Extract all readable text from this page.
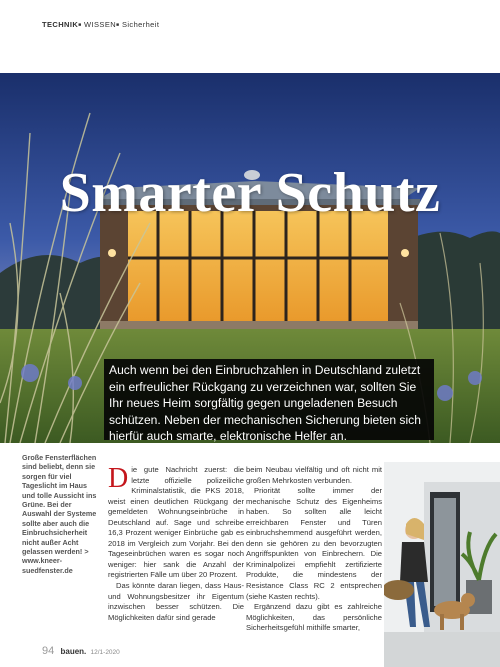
TECHNIK■ WISSEN■ Sicherheit
Smarter Schutz
Auch wenn bei den Einbruchzahlen in Deutschland zuletzt ein erfreulicher Rückgang zu verzeichnen war, sollten Sie Ihr neues Heim sorgfältig gegen ungeladenen Besuch schützen. Neben der mechanischen Sicherung bieten sich hierfür auch smarte, elektronische Helfer an.
Große Fensterflächen sind beliebt, denn sie sorgen für viel Tageslicht im Haus und tolle Aussicht ins Grüne. Bei der Auswahl der Systeme sollte aber auch die Einbruchsicherheit nicht außer Acht gelassen werden! > www.kneer-suedfenster.de
D ie gute Nachricht zuerst: die letzte offizielle polizeiliche Kriminalstatistik, die PKS 2018, weist einen deutlichen Rückgang der gemeldeten Wohnungseinbrüche in Deutschland auf. Sage und schreibe 16,3 Prozent weniger Einbrüche gab es 2018 im Vergleich zum Vorjahr. Bei den Tageseinbrüchen waren es sogar noch weniger: hier sank die Anzahl der registrierten Fälle um über 20 Prozent.

Das könnte daran liegen, dass Haus- und Wohnungsbesitzer ihr Eigentum inzwischen besser schützen. Die Möglichkeiten dafür sind gerade

beim Neubau vielfältig und oft nicht mit großen Mehrkosten verbunden.

Priorität sollte immer der mechanische Schutz des Eigenheims haben. So sollten alle leicht erreichbaren Fenster und Türen einbruchshemmend ausgeführt werden, denn sie gehören zu den bevorzugten Angriffspunkten von Einbrechern. Die Kriminalpolizei empfiehlt zertifizierte Produkte, die mindestens der Resistance Class RC 2 entsprechen (siehe Kasten rechts).

Ergänzend dazu gibt es zahlreiche Möglichkeiten, das persönliche Sicherheitsgefühl mithilfe smarter,

94 bauen. 12/1-2020
